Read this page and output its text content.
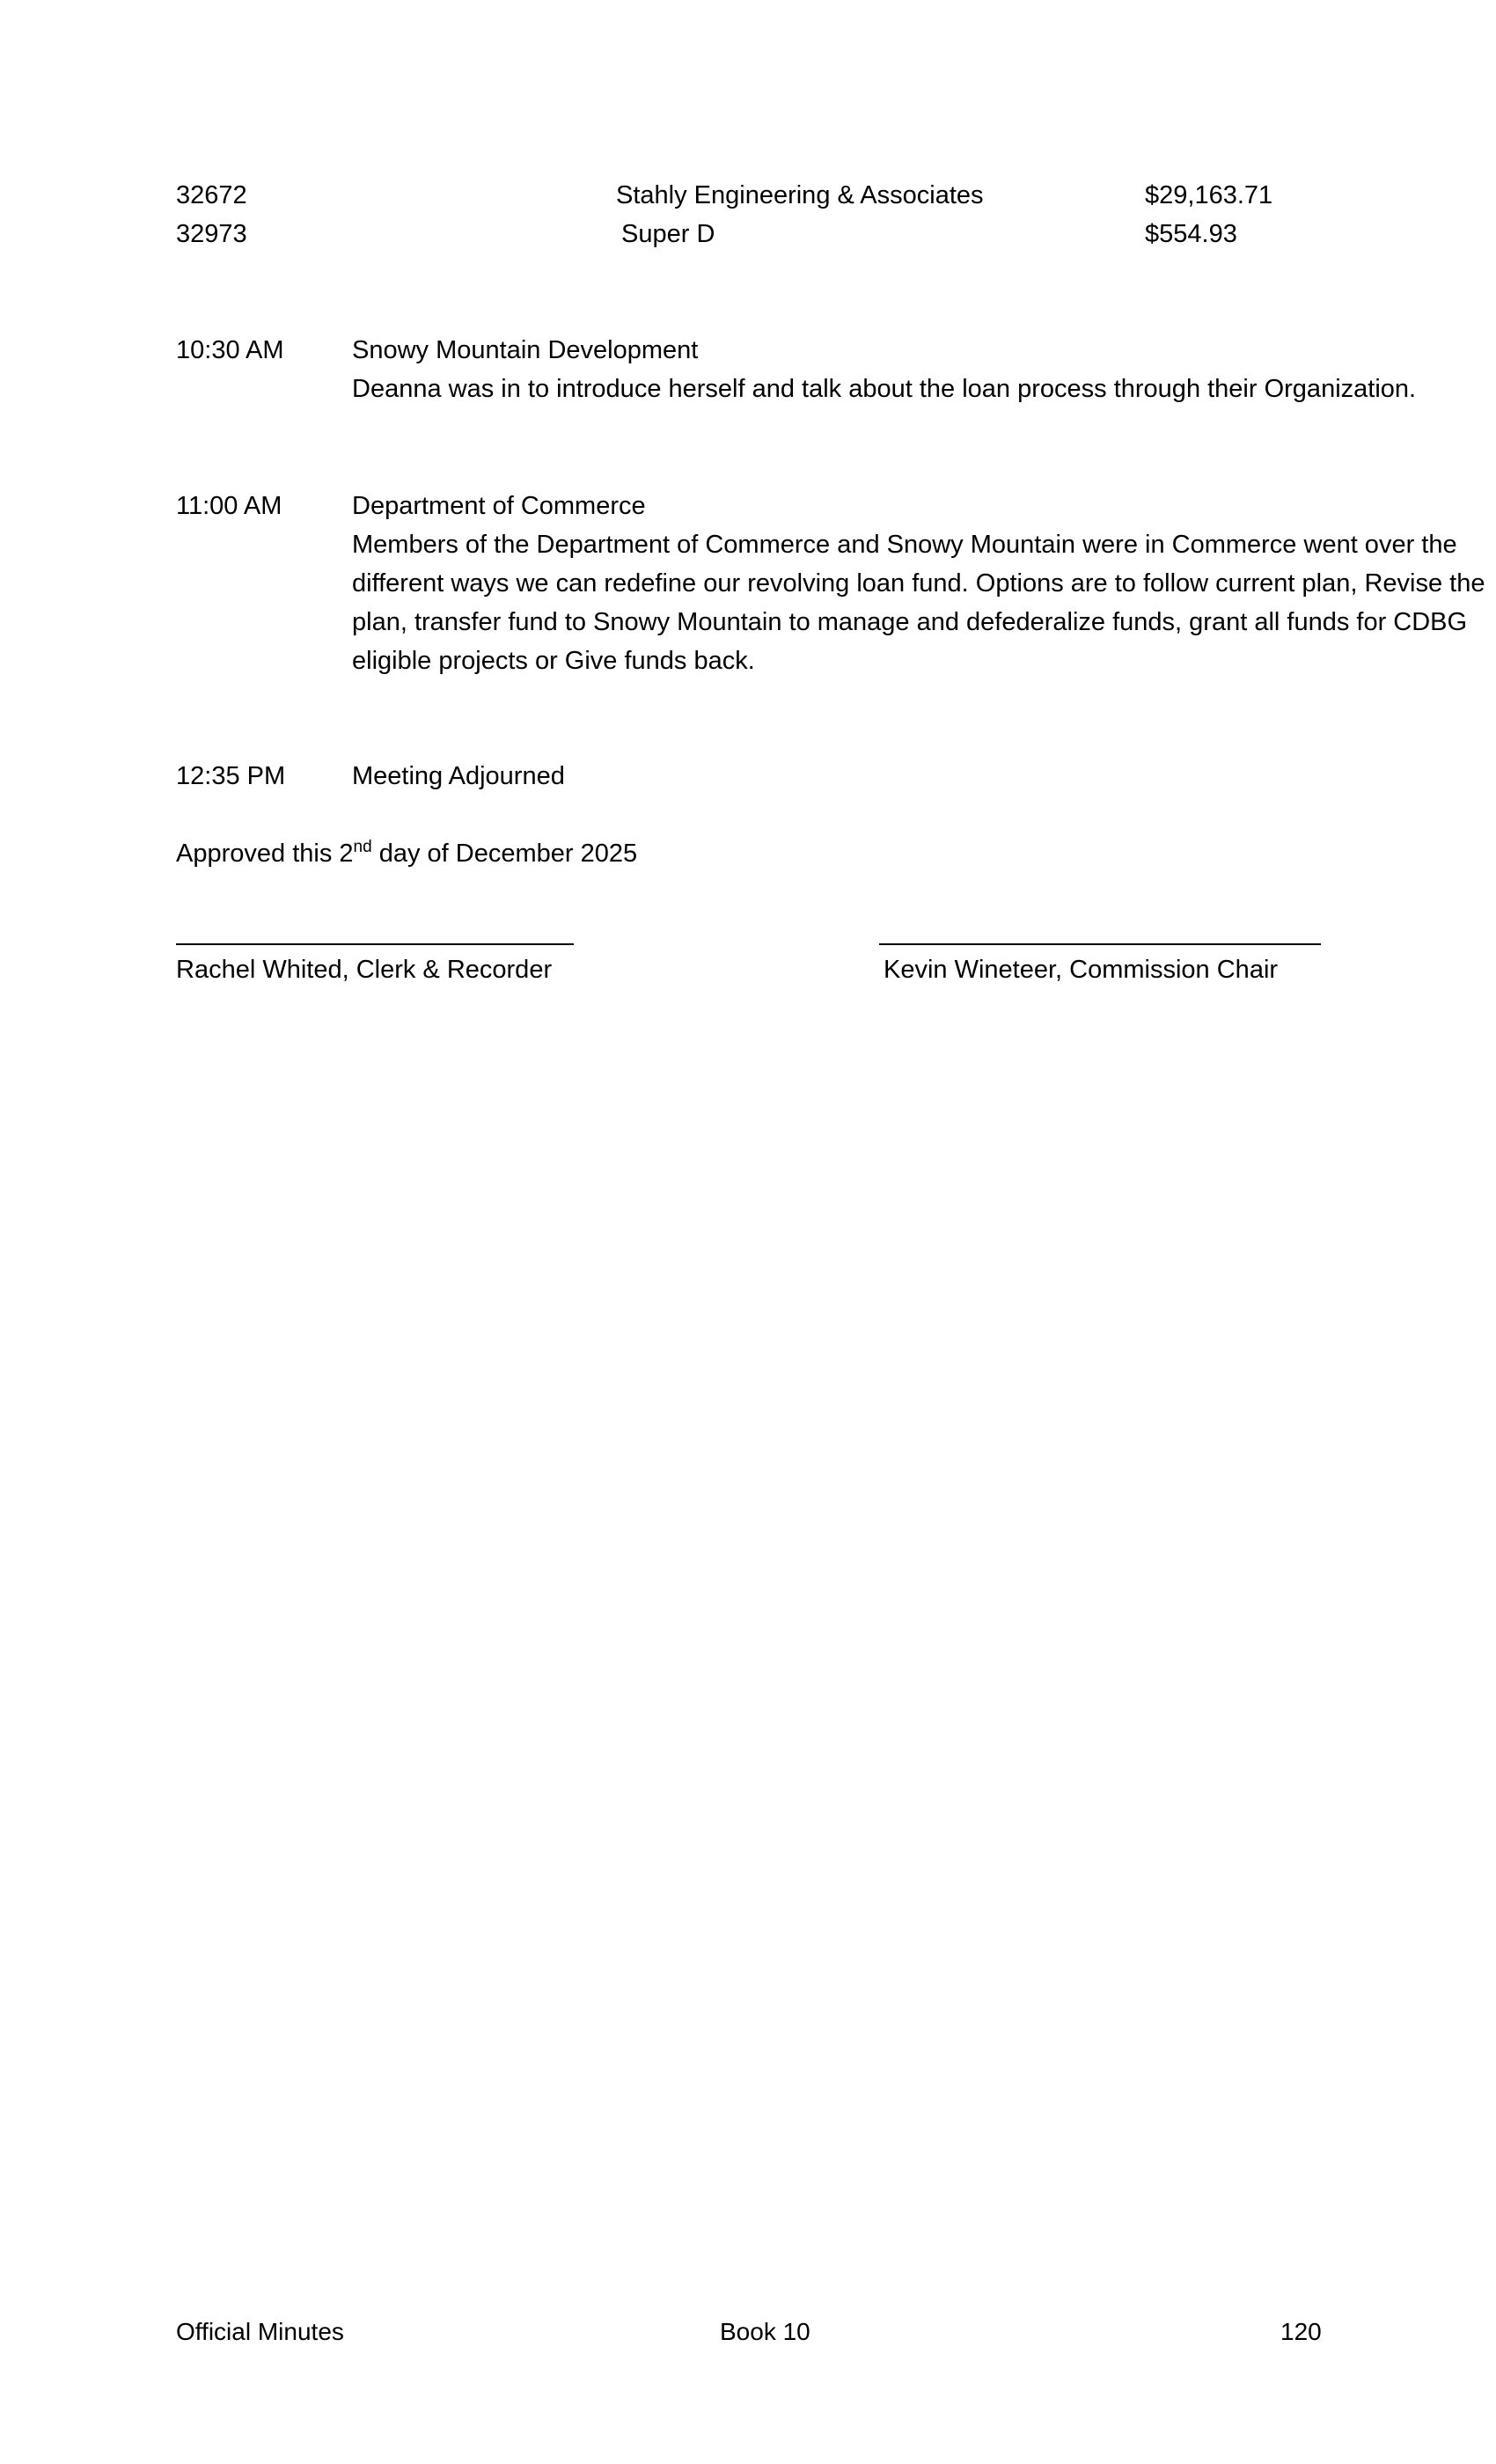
32672	Stahly Engineering & Associates	$29,163.71
32973	Super D	$554.93
10:30 AM	Snowy Mountain Development

Deanna was in to introduce herself and talk about the loan process through their Organization.

11:00 AM	Department of Commerce

Members of the Department of Commerce and Snowy Mountain were in Commerce went over the different ways we can redefine our revolving loan fund. Options are to follow current plan, Revise the plan, transfer fund to Snowy Mountain to manage and defederalize funds, grant all funds for CDBG eligible projects or Give funds back.

12:35 PM	Meeting Adjourned

Approved this 2nd day of December 2025
Rachel Whited, Clerk & Recorder	Kevin Wineteer, Commission Chair
Official Minutes	Book 10	120
